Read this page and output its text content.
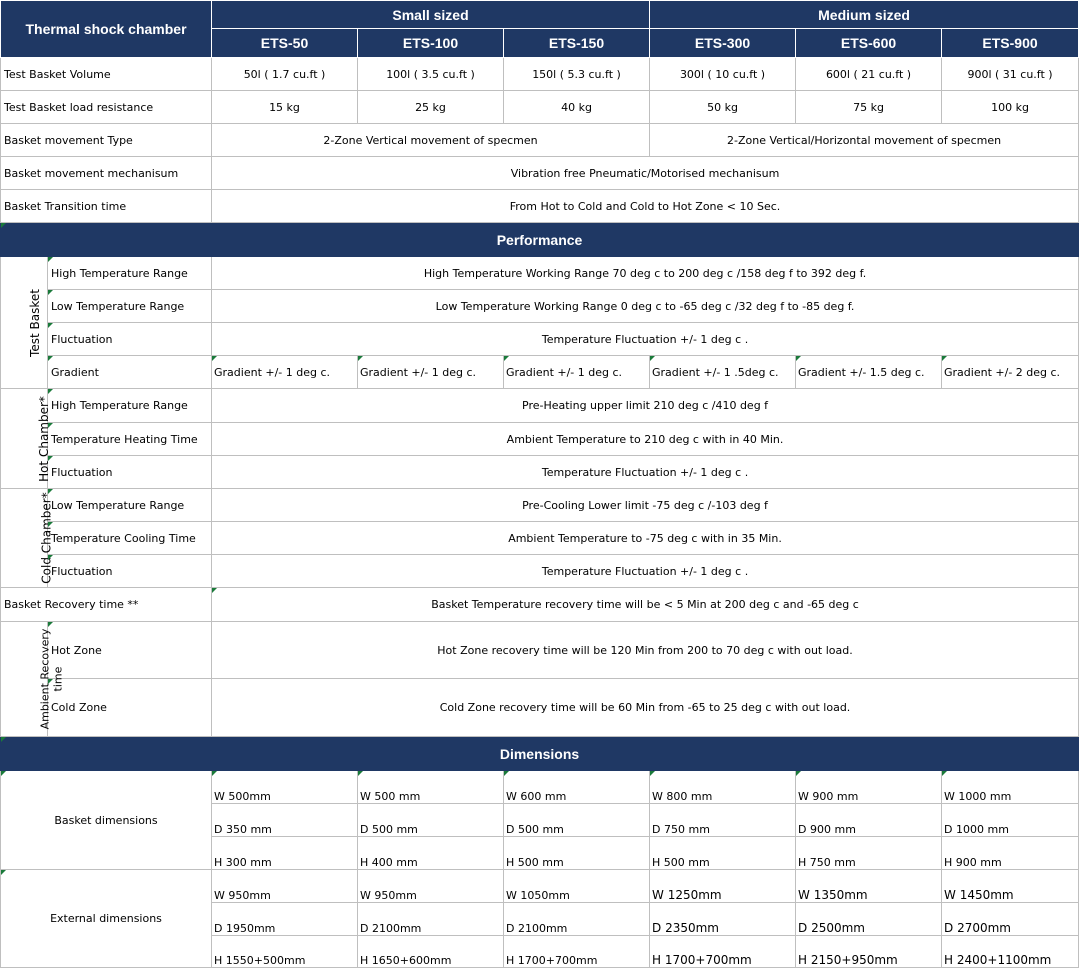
Thermal shock chamber		Small sized			Medium sized		
		ETS-50	ETS-100	ETS-150	ETS-300	ETS-600	ETS-900
Test Basket Volume		50l ( 1.7 cu.ft )	100l ( 3.5 cu.ft )	150l ( 5.3 cu.ft )	300l ( 10 cu.ft )	600l ( 21 cu.ft )	900l ( 31 cu.ft )
Test Basket load resistance		15 kg	25 kg	40 kg	50 kg	75 kg	100 kg
Basket movement Type		2-Zone Vertical movement of specmen			2-Zone Vertical/Horizontal movement of specmen		
Basket movement mechanisum		Vibration free Pneumatic/Motorised mechanisum					
Basket Transition time		From Hot to Cold and Cold to Hot Zone < 10 Sec.					
Performance							
Test Basket	High Temperature Range	High Temperature Working Range 70 deg c to 200 deg c /158 deg f to 392 deg f.					
	Low Temperature Range	Low Temperature Working Range 0 deg c to -65 deg c /32 deg f to -85 deg f.					
	Fluctuation	Temperature Fluctuation +/- 1 deg c .					
	Gradient	Gradient +/- 1 deg c.	Gradient +/- 1 deg c.	Gradient +/- 1 deg c.	Gradient +/- 1 .5deg c.	Gradient +/- 1.5 deg c.	Gradient +/- 2 deg c.
Hot Chamber*	High Temperature Range	Pre-Heating upper limit 210 deg c /410 deg f					
	Temperature Heating Time	Ambient Temperature to 210 deg c with in 40 Min.					
	Fluctuation	Temperature Fluctuation +/- 1 deg c .					
Cold Chamber*	Low Temperature Range	Pre-Cooling Lower limit -75 deg c /-103 deg f					
	Temperature Cooling Time	Ambient Temperature to -75 deg c with in 35 Min.					
	Fluctuation	Temperature Fluctuation +/- 1 deg c .					
Basket Recovery time **		Basket Temperature recovery time will be < 5 Min at 200 deg c and -65 deg c					
Ambient Recovery
time	Hot Zone	Hot Zone recovery time will be 120 Min from 200 to 70 deg c with out load.					
	Cold Zone	Cold Zone recovery time will be 60 Min from -65 to 25 deg c with out load.					
Dimensions							
Basket dimensions		W 500mm	W 500 mm	W 600 mm	W 800 mm	W 900 mm	W 1000 mm
		D 350 mm	D 500 mm	D 500 mm	D 750 mm	D 900 mm	D 1000 mm
		H 300 mm	H 400 mm	H 500 mm	H 500 mm	H 750 mm	H 900 mm
External dimensions		W 950mm	W 950mm	W 1050mm	W 1250mm	W 1350mm	W 1450mm
		D 1950mm	D 2100mm	D 2100mm	D 2350mm	D 2500mm	D 2700mm
		H 1550+500mm	H 1650+600mm	H 1700+700mm	H 1700+700mm	H 2150+950mm	H 2400+1100mm
